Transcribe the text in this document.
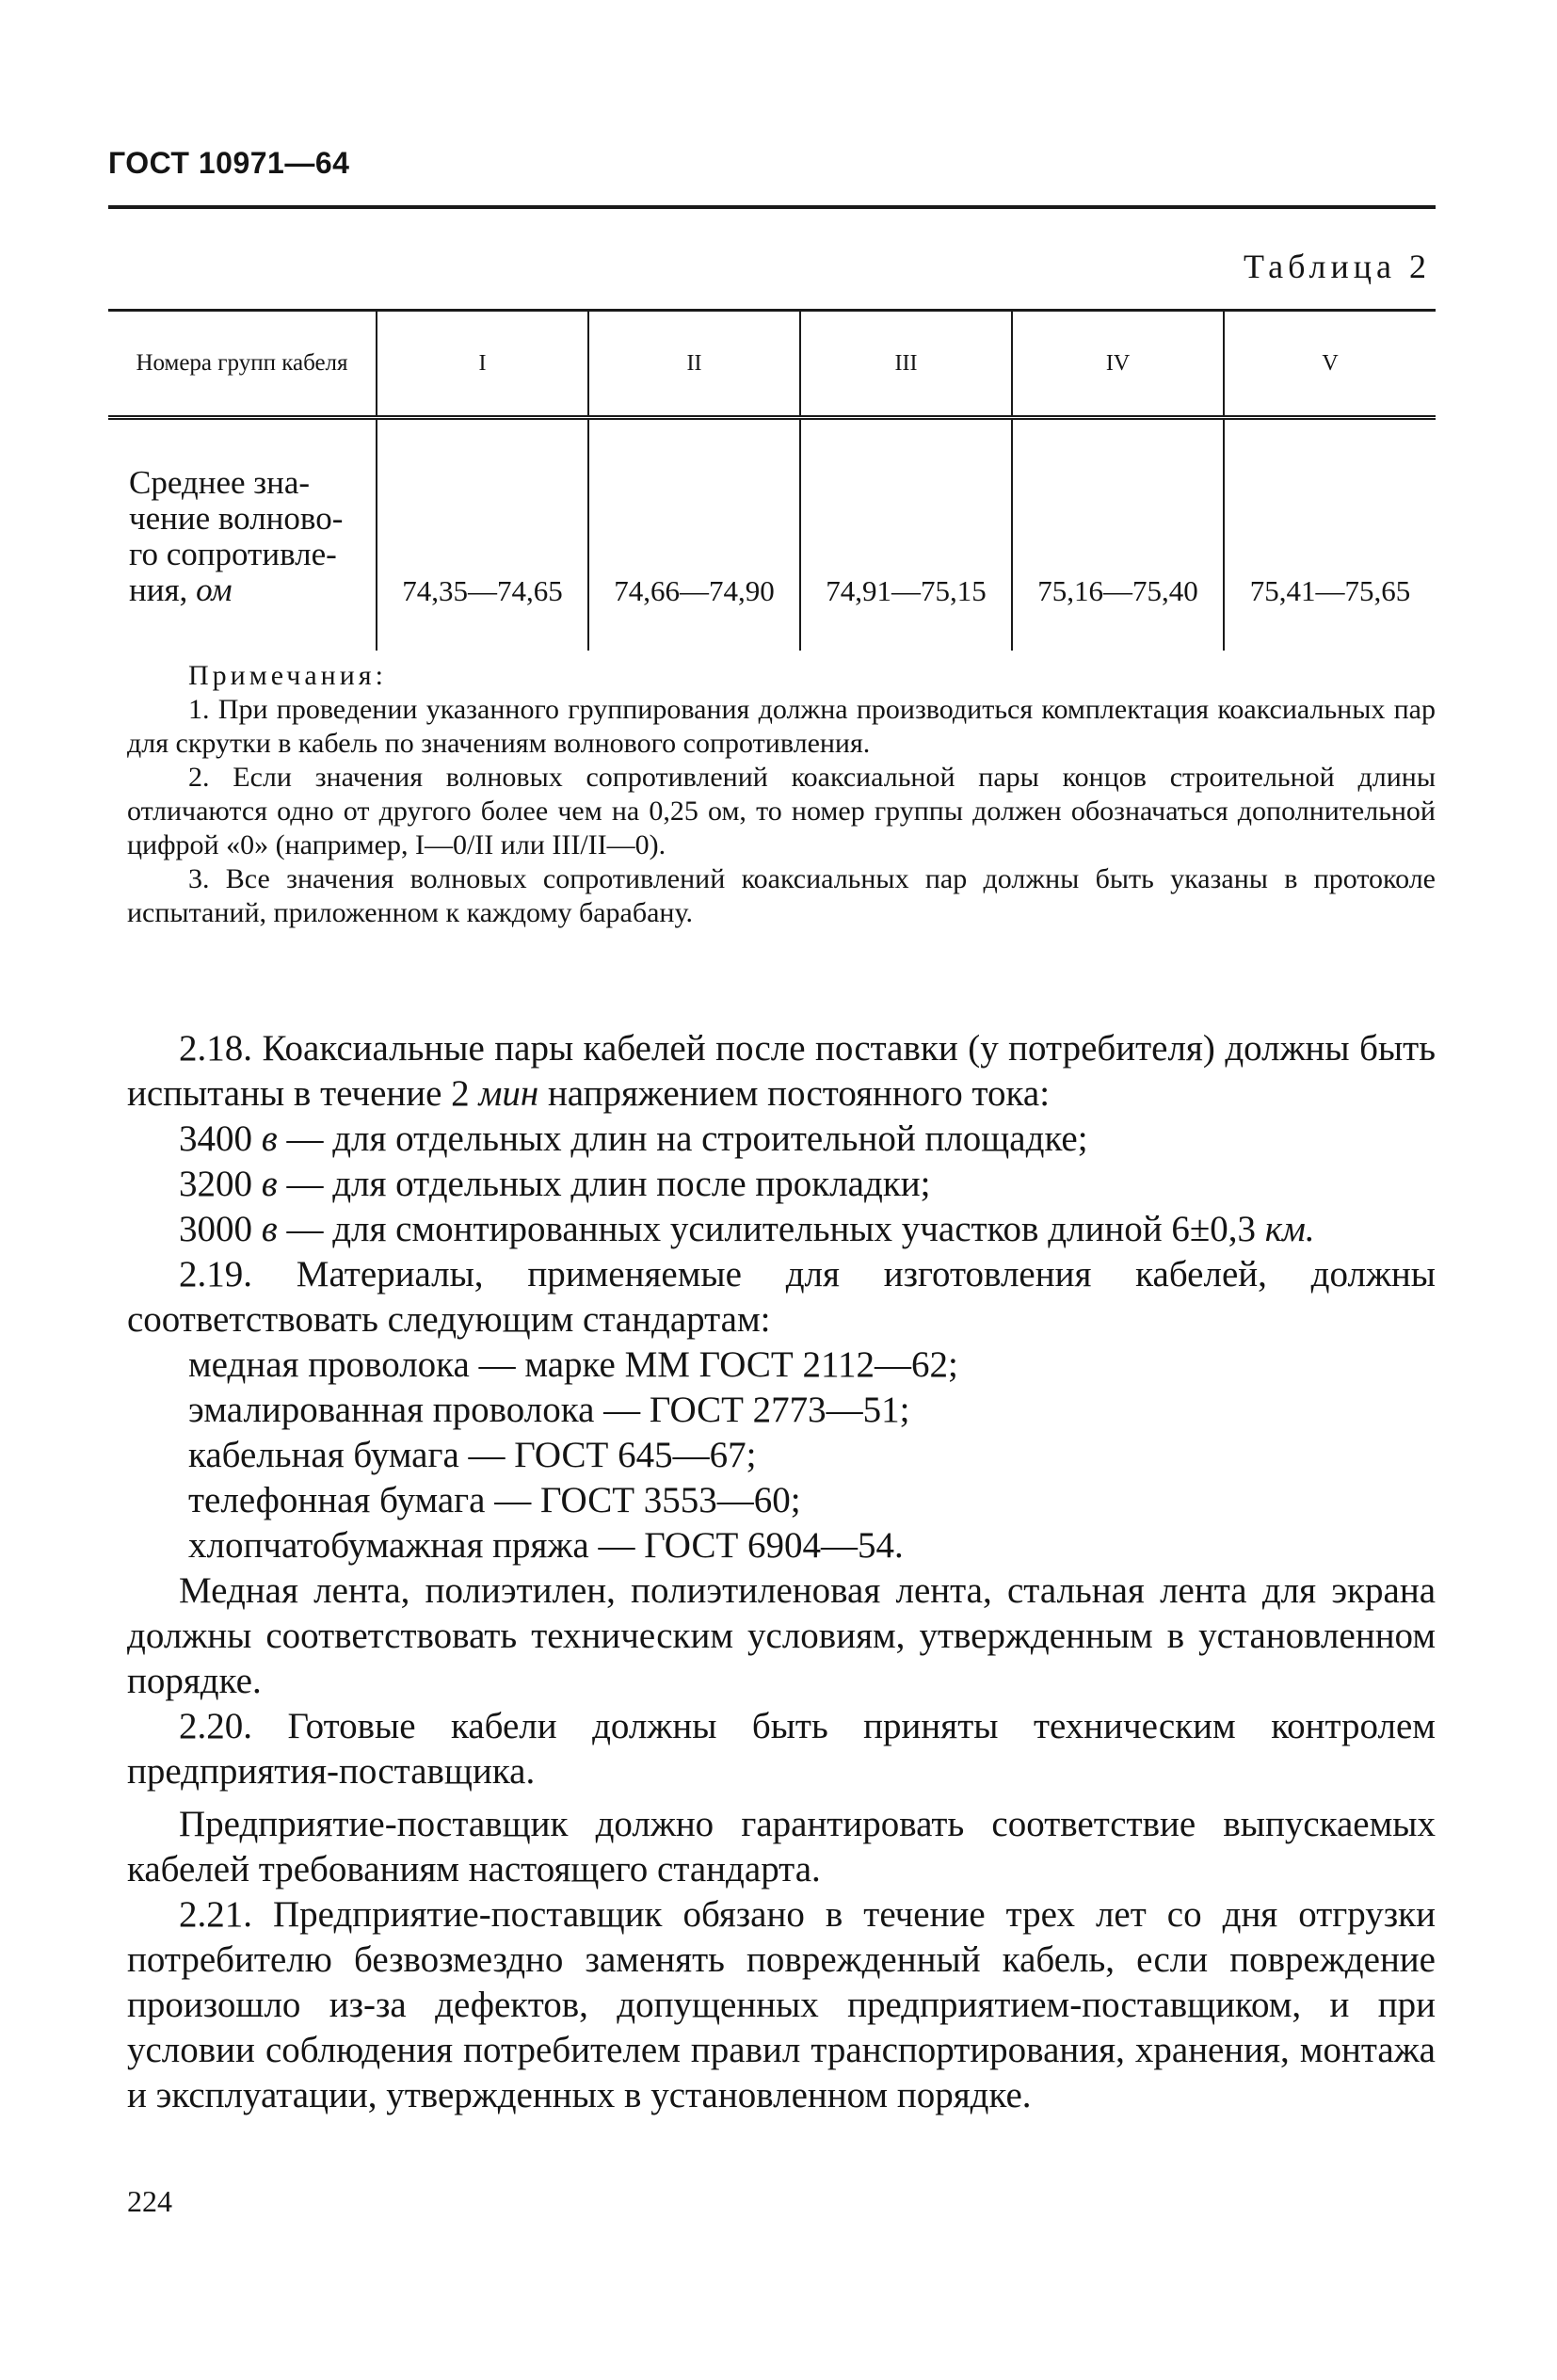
ГОСТ 10971—64
Таблица 2
Номера групп кабеля	I	II	III	IV	V
Среднее зна- чение волново- го сопротивле- ния, ом	74,35—74,65	74,66—74,90	74,91—75,15	75,16—75,40	75,41—75,65
Примечания:

1. При проведении указанного группирования должна производиться комплектация коаксиальных пар для скрутки в кабель по значениям волнового сопротивления.

2. Если значения волновых сопротивлений коаксиальной пары концов строительной длины отличаются одно от другого более чем на 0,25 ом, то номер группы должен обозначаться дополнительной цифрой «0» (например, I—0/II или III/II—0).

3. Все значения волновых сопротивлений коаксиальных пар должны быть указаны в протоколе испытаний, приложенном к каждому барабану.

2.18. Коаксиальные пары кабелей после поставки (у потребителя) должны быть испытаны в течение 2 мин напряжением постоянного тока:

3400 в — для отдельных длин на строительной площадке;

3200 в — для отдельных длин после прокладки;

3000 в — для смонтированных усилительных участков длиной 6±0,3 км.

2.19. Материалы, применяемые для изготовления кабелей, должны соответствовать следующим стандартам:

медная проволока — марке ММ ГОСТ 2112—62;

эмалированная проволока — ГОСТ 2773—51;

кабельная бумага — ГОСТ 645—67;

телефонная бумага — ГОСТ 3553—60;

хлопчатобумажная пряжа — ГОСТ 6904—54.

Медная лента, полиэтилен, полиэтиленовая лента, стальная лента для экрана должны соответствовать техническим условиям, утвержденным в установленном порядке.

2.20. Готовые кабели должны быть приняты техническим контролем предприятия-поставщика.

Предприятие-поставщик должно гарантировать соответствие выпускаемых кабелей требованиям настоящего стандарта.

2.21. Предприятие-поставщик обязано в течение трех лет со дня отгрузки потребителю безвозмездно заменять поврежденный кабель, если повреждение произошло из-за дефектов, допущенных предприятием-поставщиком, и при условии соблюдения потребителем правил транспортирования, хранения, монтажа и эксплуатации, утвержденных в установленном порядке.

224
